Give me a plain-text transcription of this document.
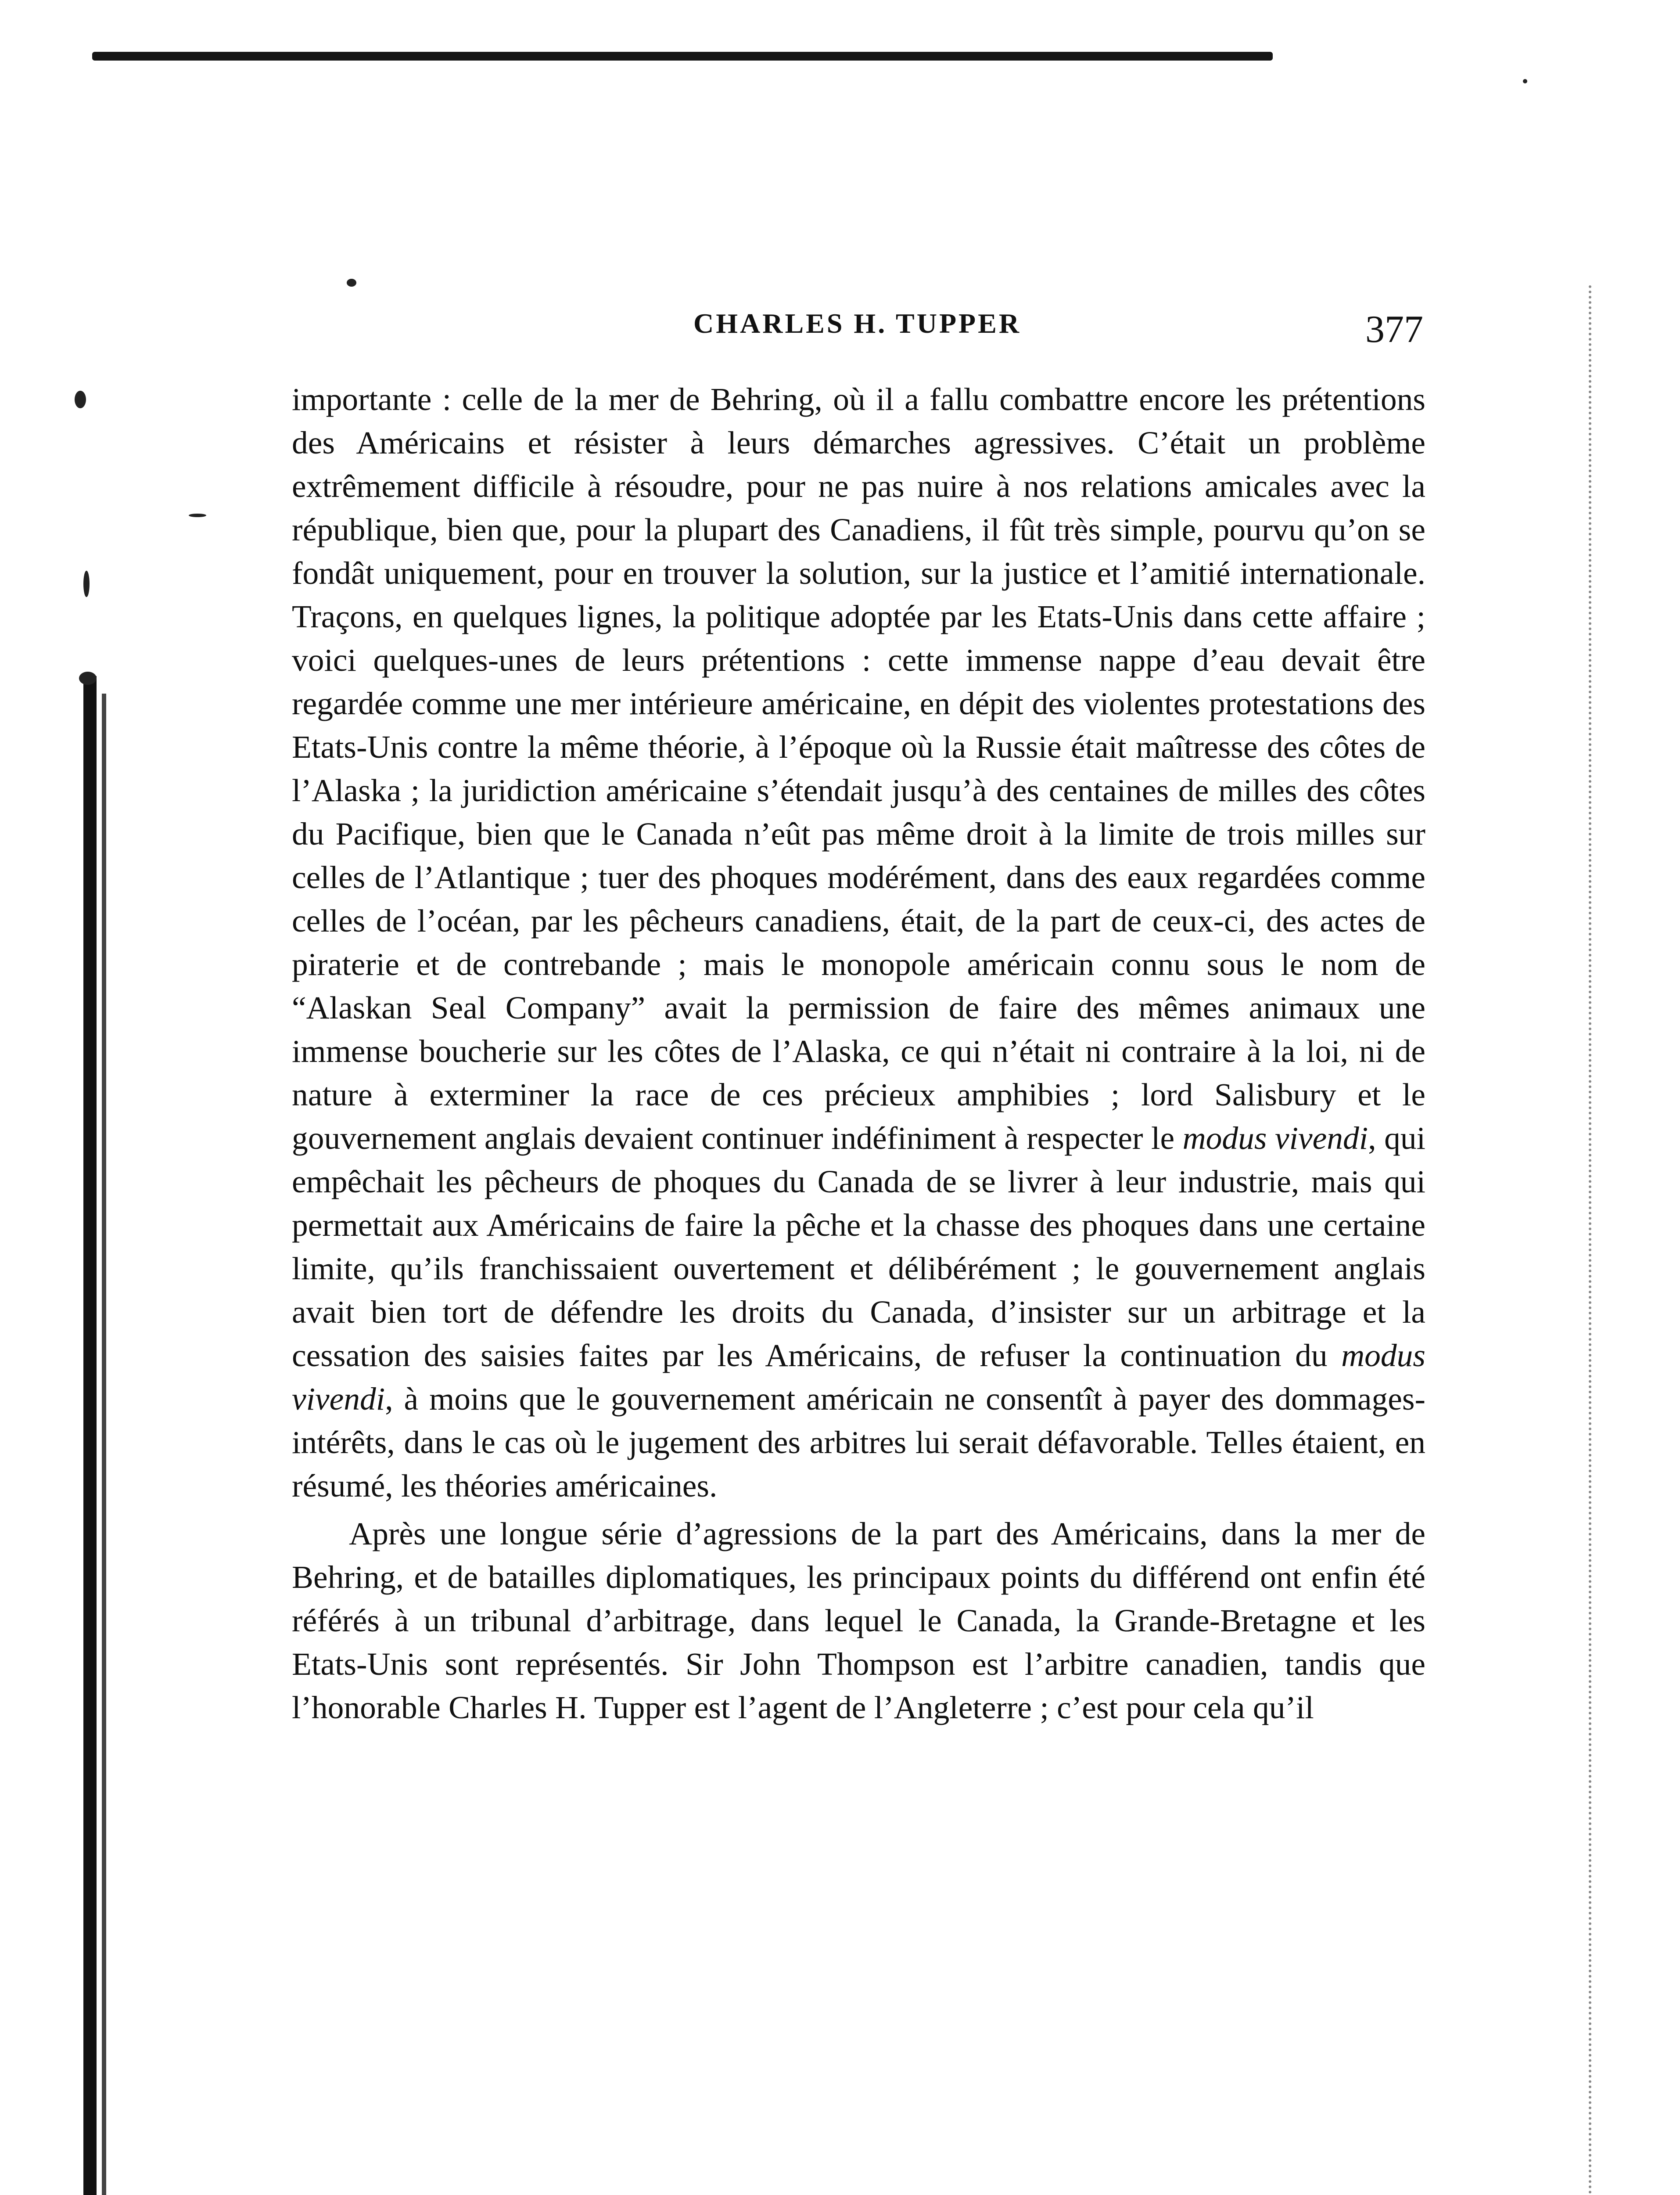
CHARLES H. TUPPER	377

importante : celle de la mer de Behring, où il a fallu combattre encore les prétentions des Américains et résister à leurs démarches agressives. C’était un problème extrêmement difficile à résoudre, pour ne pas nuire à nos relations amicales avec la république, bien que, pour la plupart des Canadiens, il fût très simple, pourvu qu’on se fondât uniquement, pour en trouver la solution, sur la justice et l’amitié internationale. Traçons, en quelques lignes, la politique adoptée par les Etats-Unis dans cette affaire ; voici quelques-unes de leurs prétentions : cette immense nappe d’eau devait être regardée comme une mer intérieure américaine, en dépit des violentes protestations des Etats-Unis contre la même théorie, à l’époque où la Russie était maîtresse des côtes de l’Alaska ; la juridiction américaine s’étendait jusqu’à des centaines de milles des côtes du Pacifique, bien que le Canada n’eût pas même droit à la limite de trois milles sur celles de l’Atlantique ; tuer des phoques modérément, dans des eaux regardées comme celles de l’océan, par les pêcheurs canadiens, était, de la part de ceux-ci, des actes de piraterie et de contrebande ; mais le monopole américain connu sous le nom de “Alaskan Seal Company” avait la permission de faire des mêmes animaux une immense boucherie sur les côtes de l’Alaska, ce qui n’était ni contraire à la loi, ni de nature à exterminer la race de ces précieux amphibies ; lord Salisbury et le gouvernement anglais devaient continuer indéfiniment à respecter le modus vivendi, qui empêchait les pêcheurs de phoques du Canada de se livrer à leur industrie, mais qui permettait aux Américains de faire la pêche et la chasse des phoques dans une certaine limite, qu’ils franchissaient ouvertement et délibérément ; le gouvernement anglais avait bien tort de défendre les droits du Canada, d’insister sur un arbitrage et la cessation des saisies faites par les Américains, de refuser la continuation du modus vivendi, à moins que le gouvernement américain ne consentît à payer des dommages-intérêts, dans le cas où le jugement des arbitres lui serait défavorable. Telles étaient, en résumé, les théories américaines.

Après une longue série d’agressions de la part des Américains, dans la mer de Behring, et de batailles diplomatiques, les principaux points du différend ont enfin été référés à un tribunal d’arbitrage, dans lequel le Canada, la Grande-Bretagne et les Etats-Unis sont représentés. Sir John Thompson est l’arbitre canadien, tandis que l’honorable Charles H. Tupper est l’agent de l’Angleterre ; c’est pour cela qu’il
